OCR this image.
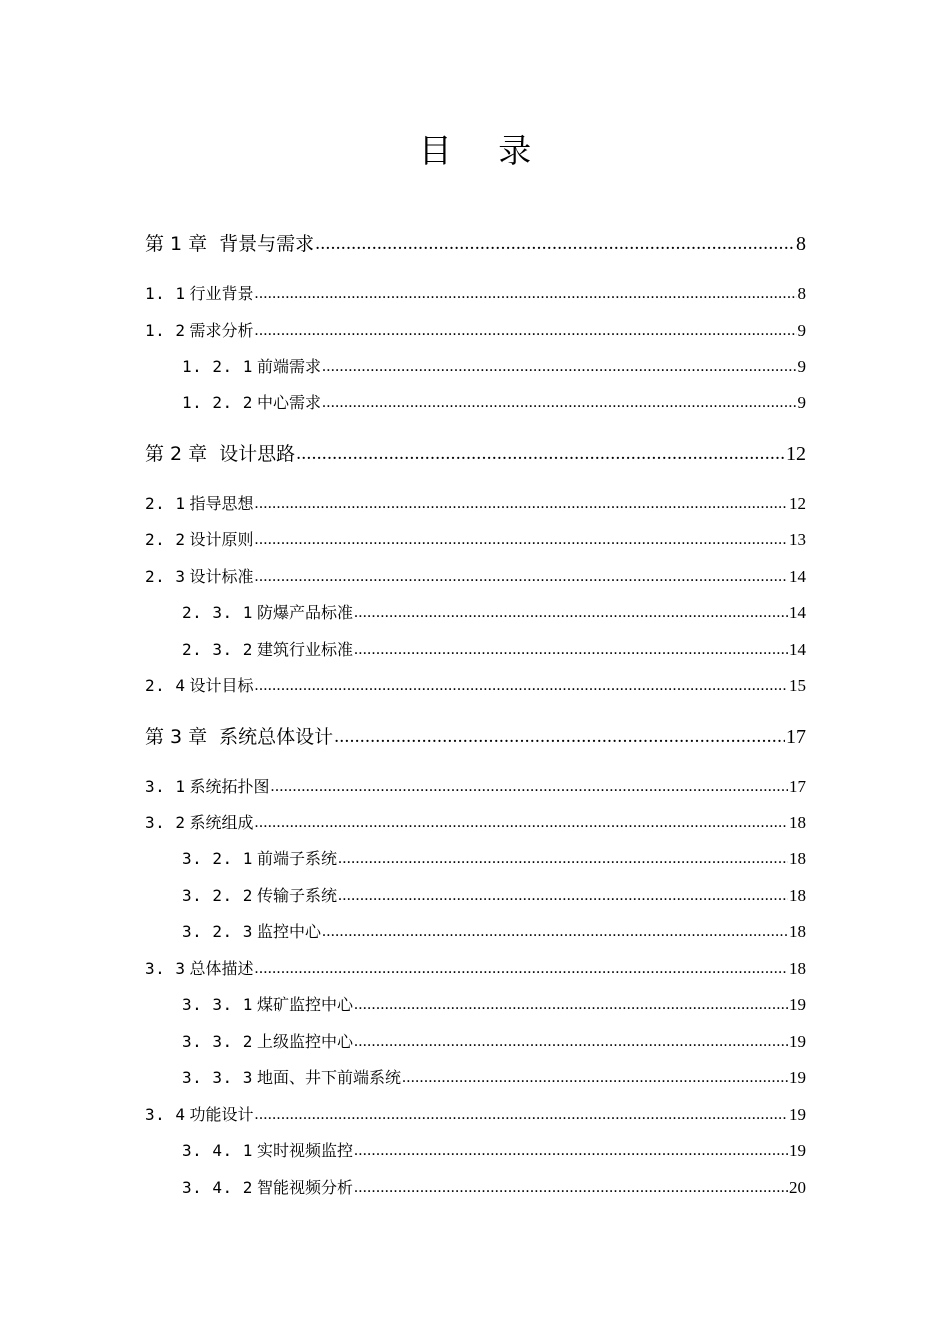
目 录
第 1 章 背景与需求 .....	8
1. 1 行业背景 .....	8
1. 2 需求分析 .....	9
1. 2. 1 前端需求 .....	9
1. 2. 2 中心需求 .....	9
第 2 章 设计思路 .....	12
2. 1 指导思想 .....	12
2. 2 设计原则 .....	13
2. 3 设计标准 .....	14
2. 3. 1 防爆产品标准 .....	14
2. 3. 2 建筑行业标准 .....	14
2. 4 设计目标 .....	15
第 3 章 系统总体设计 .....	17
3. 1 系统拓扑图 .....	17
3. 2 系统组成 .....	18
3. 2. 1 前端子系统 .....	18
3. 2. 2 传输子系统 .....	18
3. 2. 3 监控中心 .....	18
3. 3 总体描述 .....	18
3. 3. 1 煤矿监控中心 .....	19
3. 3. 2 上级监控中心 .....	19
3. 3. 3 地面、井下前端系统 .....	19
3. 4 功能设计 .....	19
3. 4. 1 实时视频监控 .....	19
3. 4. 2 智能视频分析 .....	20
